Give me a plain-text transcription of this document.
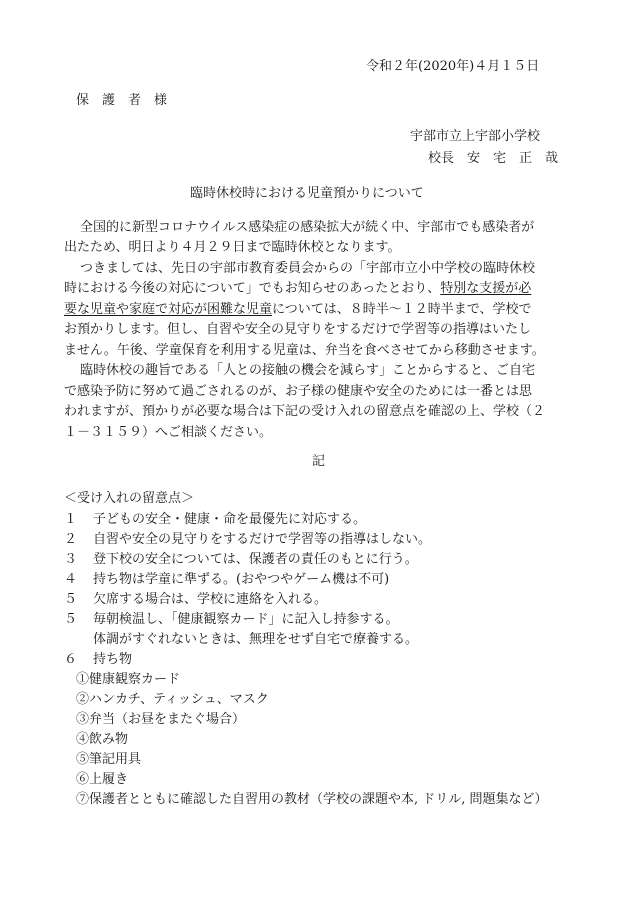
令和２年(2020年)４月１５日
保　護　者　様
宇部市立上宇部小学校
校長　安　宅　正　哉
臨時休校時における児童預かりについて
全国的に新型コロナウイルス感染症の感染拡大が続く中、宇部市でも感染者が
出たため、明日より４月２９日まで臨時休校となります。
つきましては、先日の宇部市教育委員会からの「宇部市立小中学校の臨時休校
時における今後の対応について」でもお知らせのあったとおり、特別な支援が必
要な児童や家庭で対応が困難な児童については、８時半～１２時半まで、学校で
お預かりします。但し、自習や安全の見守りをするだけで学習等の指導はいたし
ません。午後、学童保育を利用する児童は、弁当を食べさせてから移動させます。
臨時休校の趣旨である「人との接触の機会を減らす」ことからすると、ご自宅
で感染予防に努めて過ごされるのが、お子様の健康や安全のためには一番とは思
われますが、預かりが必要な場合は下記の受け入れの留意点を確認の上、学校（２
１－３１５９）へご相談ください。
記
＜受け入れの留意点＞
１ 子どもの安全・健康・命を最優先に対応する。
２ 自習や安全の見守りをするだけで学習等の指導はしない。
３ 登下校の安全については、保護者の責任のもとに行う。
４ 持ち物は学童に準ずる。(おやつやゲーム機は不可)
５ 欠席する場合は、学校に連絡を入れる。
５ 毎朝検温し、｢健康観察カード」に記入し持参する。
体調がすぐれないときは、無理をせず自宅で療養する。
６ 持ち物
①健康観察カード
②ハンカチ、ティッシュ、マスク
③弁当（お昼をまたぐ場合）
④飲み物
⑤筆記用具
⑥上履き
⑦保護者とともに確認した自習用の教材（学校の課題や本, ドリル, 問題集など）
